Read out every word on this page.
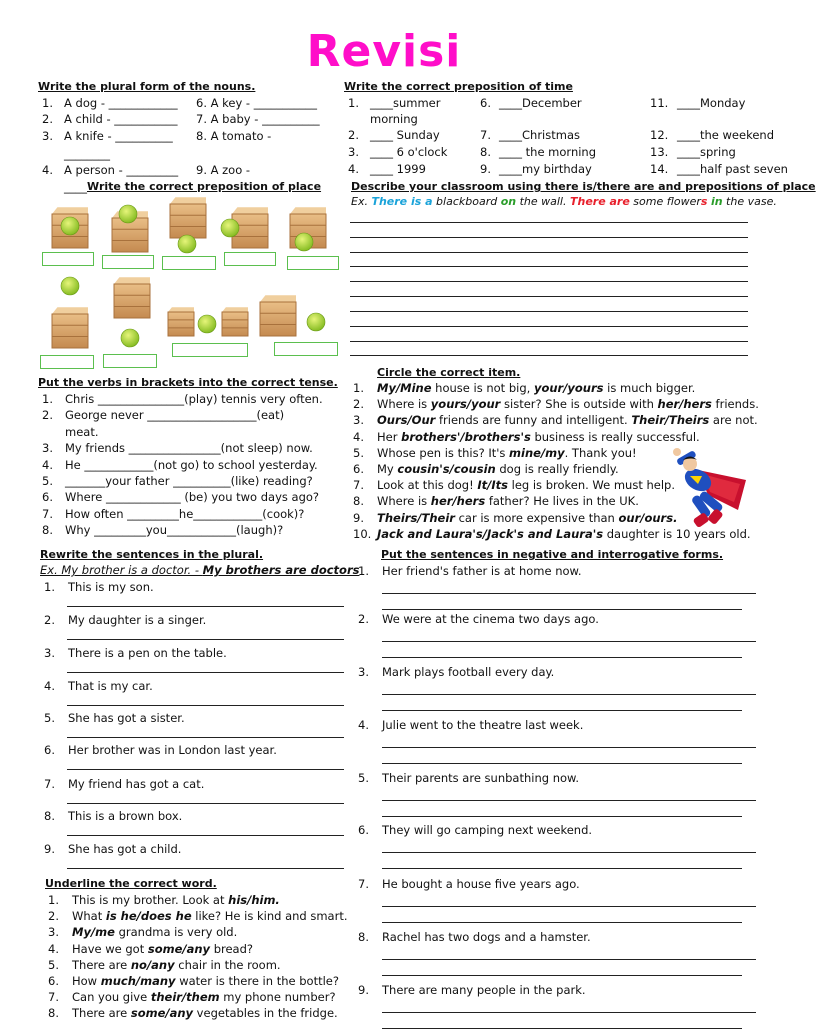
Revisi
Write the plural form of the nouns.
1. A dog - ____________ 6. A key - ___________
2. A child - ___________ 7. A baby - __________
3. A knife - __________ 8. A tomato -
________
4. A person - _________ 9. A zoo -
____
Write the correct preposition of time
1. ____summer	6. ____December	11. ____Monday
morning
2. ____ Sunday	7. ____Christmas	12. ____the weekend
3. ____ 6 o'clock	8. ____ the morning	13. ____spring
4. ____ 1999	9. ____my birthday	14. ____half past seven
Write the correct preposition of place	Describe your classroom using there is/there are and prepositions of place
Ex. There is a blackboard on the wall. There are some flowers in the vase.
Put the verbs in brackets into the correct tense.
1. Chris _______________(play) tennis very often.
2. George never ___________________(eat)
meat.
3. My friends ________________(not sleep) now.
4. He ____________(not go) to school yesterday.
5. _______your father __________(like) reading?
6. Where _____________ (be) you two days ago?
7. How often _________he____________(cook)?
8. Why _________you____________(laugh)?
Circle the correct item.
1. My/Mine house is not big, your/yours is much bigger.
2. Where is yours/your sister? She is outside with her/hers friends.
3. Ours/Our friends are funny and intelligent. Their/Theirs are not.
4. Her brothers'/brothers's business is really successful.
5. Whose pen is this? It's mine/my. Thank you!
6. My cousin's/cousin dog is really friendly.
7. Look at this dog! It/Its leg is broken. We must help.
8. Where is her/hers father? He lives in the UK.
9. Theirs/Their car is more expensive than our/ours.
10. Jack and Laura's/Jack's and Laura's daughter is 10 years old.
Rewrite the sentences in the plural.
Ex. My brother is a doctor. - My brothers are doctors
Put the sentences in negative and interrogative forms.
Underline the correct word.
1. This is my brother. Look at his/him.
2. What is he/does he like? He is kind and smart.
3. My/me grandma is very old.
4. Have we got some/any bread?
5. There are no/any chair in the room.
6. How much/many water is there in the bottle?
7. Can you give their/them my phone number?
8. There are some/any vegetables in the fridge.
1. This is my son.
2. My daughter is a singer.
3. There is a pen on the table.
4. That is my car.
5. She has got a sister.
6. Her brother was in London last year.
7. My friend has got a cat.
8. This is a brown box.
9. She has got a child.
1. Her friend's father is at home now.
2. We were at the cinema two days ago.
3. Mark plays football every day.
4. Julie went to the theatre last week.
5. Their parents are sunbathing now.
6. They will go camping next weekend.
7. He bought a house five years ago.
8. Rachel has two dogs and a hamster.
9. There are many people in the park.
